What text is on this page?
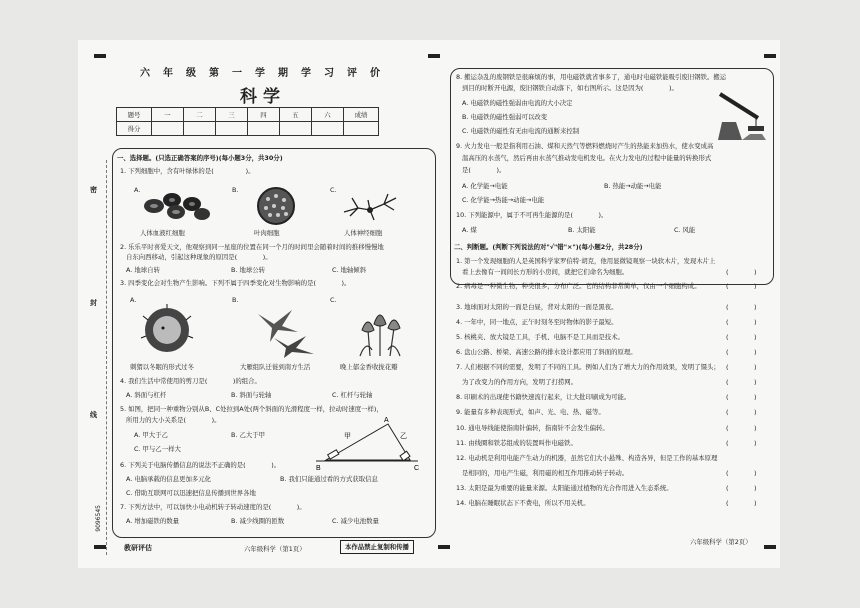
六年级第一学期学习评价
科学
题号	一	二	三	四	五	六	成绩
得分							
密
封
线
9096545
一、选择题。(只选正确答案的序号)(每小题3分，共30分)
1. 下列细胞中，含有叶绿体的是(　　　　　)。
A.	B.	C.
人体血液红细胞	叶肉细胞	人体神经细胞
2. 乐乐平时喜爱天文，他观察到同一星座的位置在同一个月的时间里会随着时间的推移慢慢地
自东向西移动，引起这种现象的原因是(　　　　)。
A. 地球自转	B. 地球公转	C. 地轴倾斜
3. 四季变化会对生物产生影响。下列不属于四季变化对生物影响的是(　　　　)。
A.	B.	C.
刺猬以冬眠的形式过冬	大雁组队迁徙到南方生活	晚上郁金香收拢花瓣
4. 我们生活中常使用的剪刀是(　　　　)的组合。
A. 斜面与杠杆	B. 斜面与轮轴	C. 杠杆与轮轴
5. 如图，把同一种重物分别从B、C处拉到A处(两个斜面的光滑程度一样，拉动时速度一样)，
所用力的大小关系是(　　　　)。
A. 甲大于乙	B. 乙大于甲
C. 甲与乙一样大
A
B	C
甲	乙
6. 下列关于电脑传播信息的说法不正确的是(　　　　)。
A. 电脑承载的信息更加多元化	B. 我们只能通过看的方式获取信息
C. 借助互联网可以迅速把信息传播到世界各地
7. 下列方法中，可以加快小电动机转子转动速度的是(　　　　)。
A. 增加磁铁的数量	B. 减少线圈的匝数	C. 减少电池数量
教研评估	六年级科学（第1页）	本作品禁止复制和传播
8. 搬运杂乱的废钢铁是很麻烦的事，用电磁铁就省事多了，通电时电磁铁能吸引废旧钢铁。搬运
到目的时断开电源，废旧钢铁自动落下，如右图所示。这是因为(　　　　)。
A. 电磁铁的磁性强弱由电流的大小决定
B. 电磁铁的磁性强弱可以改变
C. 电磁铁的磁性有无由电流的通断来控制
9. 火力发电一般是指利用石油、煤和天然气等燃料燃烧时产生的热能来加热水，使水变成高
温高压的水蒸气，然后再由水蒸气推动发电机发电。在火力发电的过程中能量的转换形式
是(　　　　)。
A. 化学能→电能	B. 热能→动能→电能
C. 化学能→热能→动能→电能
10. 下列能源中，属于不可再生能源的是(　　　　)。
A. 煤	B. 太阳能	C. 风能
二、判断题。(判断下列说法的对"√"错"×")(每小题2分，共28分)
1. 第一个发现细胞的人是英国科学家罗伯特·胡克，他用显微镜观察一块软木片，发现木片上
看上去像有一间间长方形的小房间，就把它们命名为细胞。	(　　　　)
2. 病毒是一种微生物，种类很多，分布广泛。它的结构非常简单，仅由一个细胞构成。	(　　　　)
3. 地球面对太阳的一面是白昼，背对太阳的一面是黑夜。	(　　　　)
4. 一年中，同一地点，正午时刻冬至时物体的影子最短。	(　　　　)
5. 核桃夹、放大镜是工具，手机、电脑不是工具而是技术。	(　　　　)
6. 盘山公路、桥梁、高速公路的排水设计都应用了斜面的原理。	(　　　　)
7. 人们根据不同的需要，发明了不同的工具。例如人们为了增大力的作用效果，发明了镊头； (　　　　)
为了改变力的作用方向，发明了打捞网。	(　　　　)
8. 印刷术的出现使书籍快速流行起来，让大批印刷成为可能。	(　　　　)
9. 能量有多种表现形式，如声、光、电、热、磁等。	(　　　　)
10. 通电导线能使指南针偏转，指南针不会发生偏转。	(　　　　)
11. 由线圈和铁芯组成的装置叫作电磁铁。	(　　　　)
12. 电动机是利用电能产生动力的机器，虽然它们大小悬殊、构造各异，但是工作的基本原理
是相同的，用电产生磁，利用磁的相互作用推动转子转动。	(　　　　)
13. 太阳是最为重要的能量来源。太阳能通过植物的光合作用进入生态系统。	(　　　　)
14. 电脑在睡眠状态下不费电，所以不用关机。	(　　　　)
六年级科学（第2页）
